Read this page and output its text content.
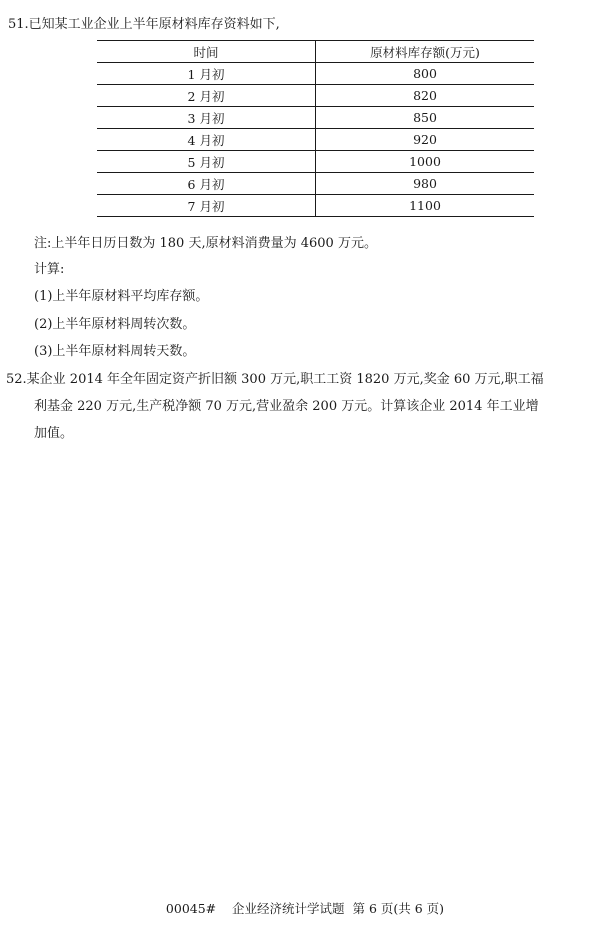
51.已知某工业企业上半年原材料库存资料如下,
时间	原材料库存额(万元)
1 月初	800
2 月初	820
3 月初	850
4 月初	920
5 月初	1000
6 月初	980
7 月初	1100
注:上半年日历日数为 180 天,原材料消费量为 4600 万元。
计算:
(1)上半年原材料平均库存额。
(2)上半年原材料周转次数。
(3)上半年原材料周转天数。
52.某企业 2014 年全年固定资产折旧额 300 万元,职工工资 1820 万元,奖金 60 万元,职工福
利基金 220 万元,生产税净额 70 万元,营业盈余 200 万元。计算该企业 2014 年工业增
加值。
00045#    企业经济统计学试题  第 6 页(共 6 页)
